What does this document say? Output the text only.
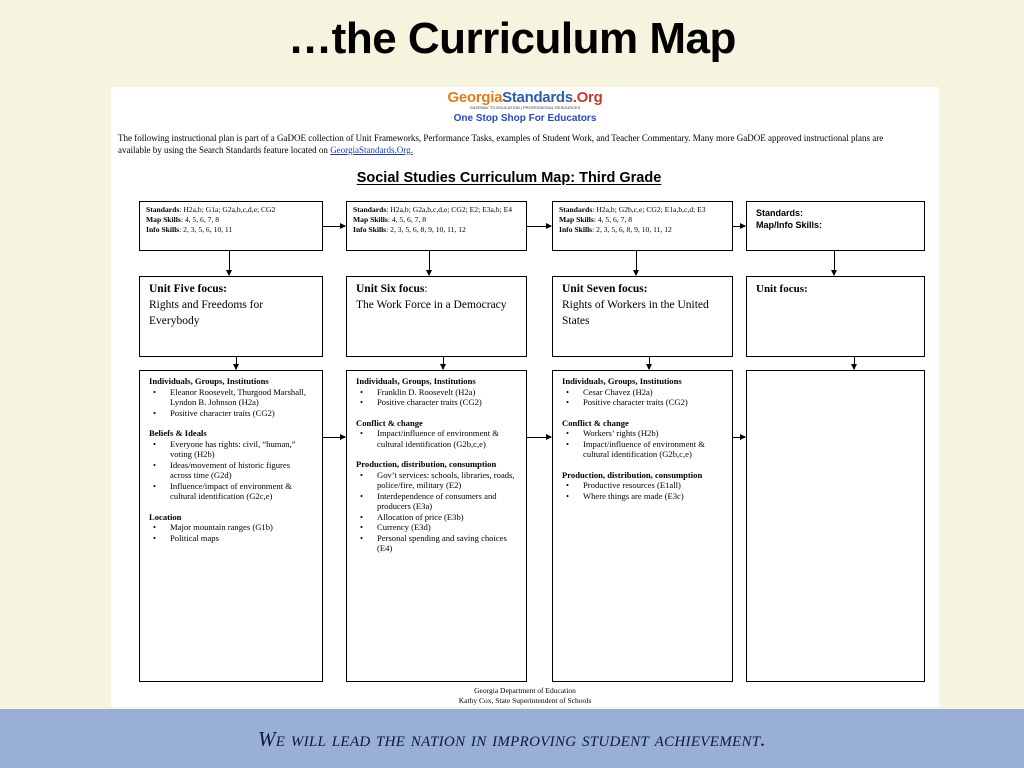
…the Curriculum Map
GeorgiaStandards.Org
GATEWAY TO EDUCATION | PROFESSIONAL RESOURCES
One Stop Shop For Educators
The following instructional plan is part of a GaDOE collection of Unit Frameworks, Performance Tasks, examples of Student Work, and Teacher Commentary. Many more GaDOE approved instructional plans are available by using the Search Standards feature located on GeorgiaStandards.Org.
Social Studies Curriculum Map: Third Grade
Standards: H2a,b; G1a; G2a,b,c,d,e; CG2
Map Skills: 4, 5, 6, 7, 8
Info Skills: 2, 3, 5, 6, 10, 11
Standards: H2a,b; G2a,b,c,d,e; CG2; E2; E3a,b; E4
Map Skills: 4, 5, 6, 7, 8
Info Skills: 2, 3, 5, 6, 8, 9, 10, 11, 12
Standards: H2a,b; G2b,c,e; CG2; E1a,b,c,d; E3
Map Skills: 4, 5, 6, 7, 8
Info Skills: 2, 3, 5, 6, 8, 9, 10, 11, 12
Standards:
Map/Info Skills:
Unit Five focus:
Rights and Freedoms for Everybody
Unit Six focus:
The Work Force in a Democracy
Unit Seven focus:
Rights of Workers in the United States
Unit focus:
Individuals, Groups, Institutions
• Eleanor Roosevelt, Thurgood Marshall, Lyndon B. Johnson (H2a)
• Positive character traits (CG2)
Beliefs & Ideals
• Everyone has rights: civil, “human,” voting (H2b)
• Ideas/movement of historic figures across time (G2d)
• Influence/impact of environment & cultural identification (G2c,e)
Location
• Major mountain ranges (G1b)
• Political maps
Individuals, Groups, Institutions
• Franklin D. Roosevelt (H2a)
• Positive character traits (CG2)
Conflict & change
• Impact/influence of environment & cultural identification (G2b,c,e)
Production, distribution, consumption
• Gov’t services: schools, libraries, roads, police/fire, military (E2)
• Interdependence of consumers and producers (E3a)
• Allocation of price (E3b)
• Currency (E3d)
• Personal spending and saving choices (E4)
Individuals, Groups, Institutions
• Cesar Chavez (H2a)
• Positive character traits (CG2)
Conflict & change
• Workers’ rights (H2b)
• Impact/influence of environment & cultural identification (G2b,c,e)
Production, distribution, consumption
• Productive resources (E1all)
• Where things are made (E3c)
Georgia Department of Education
Kathy Cox, State Superintendent of Schools
We will lead the nation in improving student achievement.
